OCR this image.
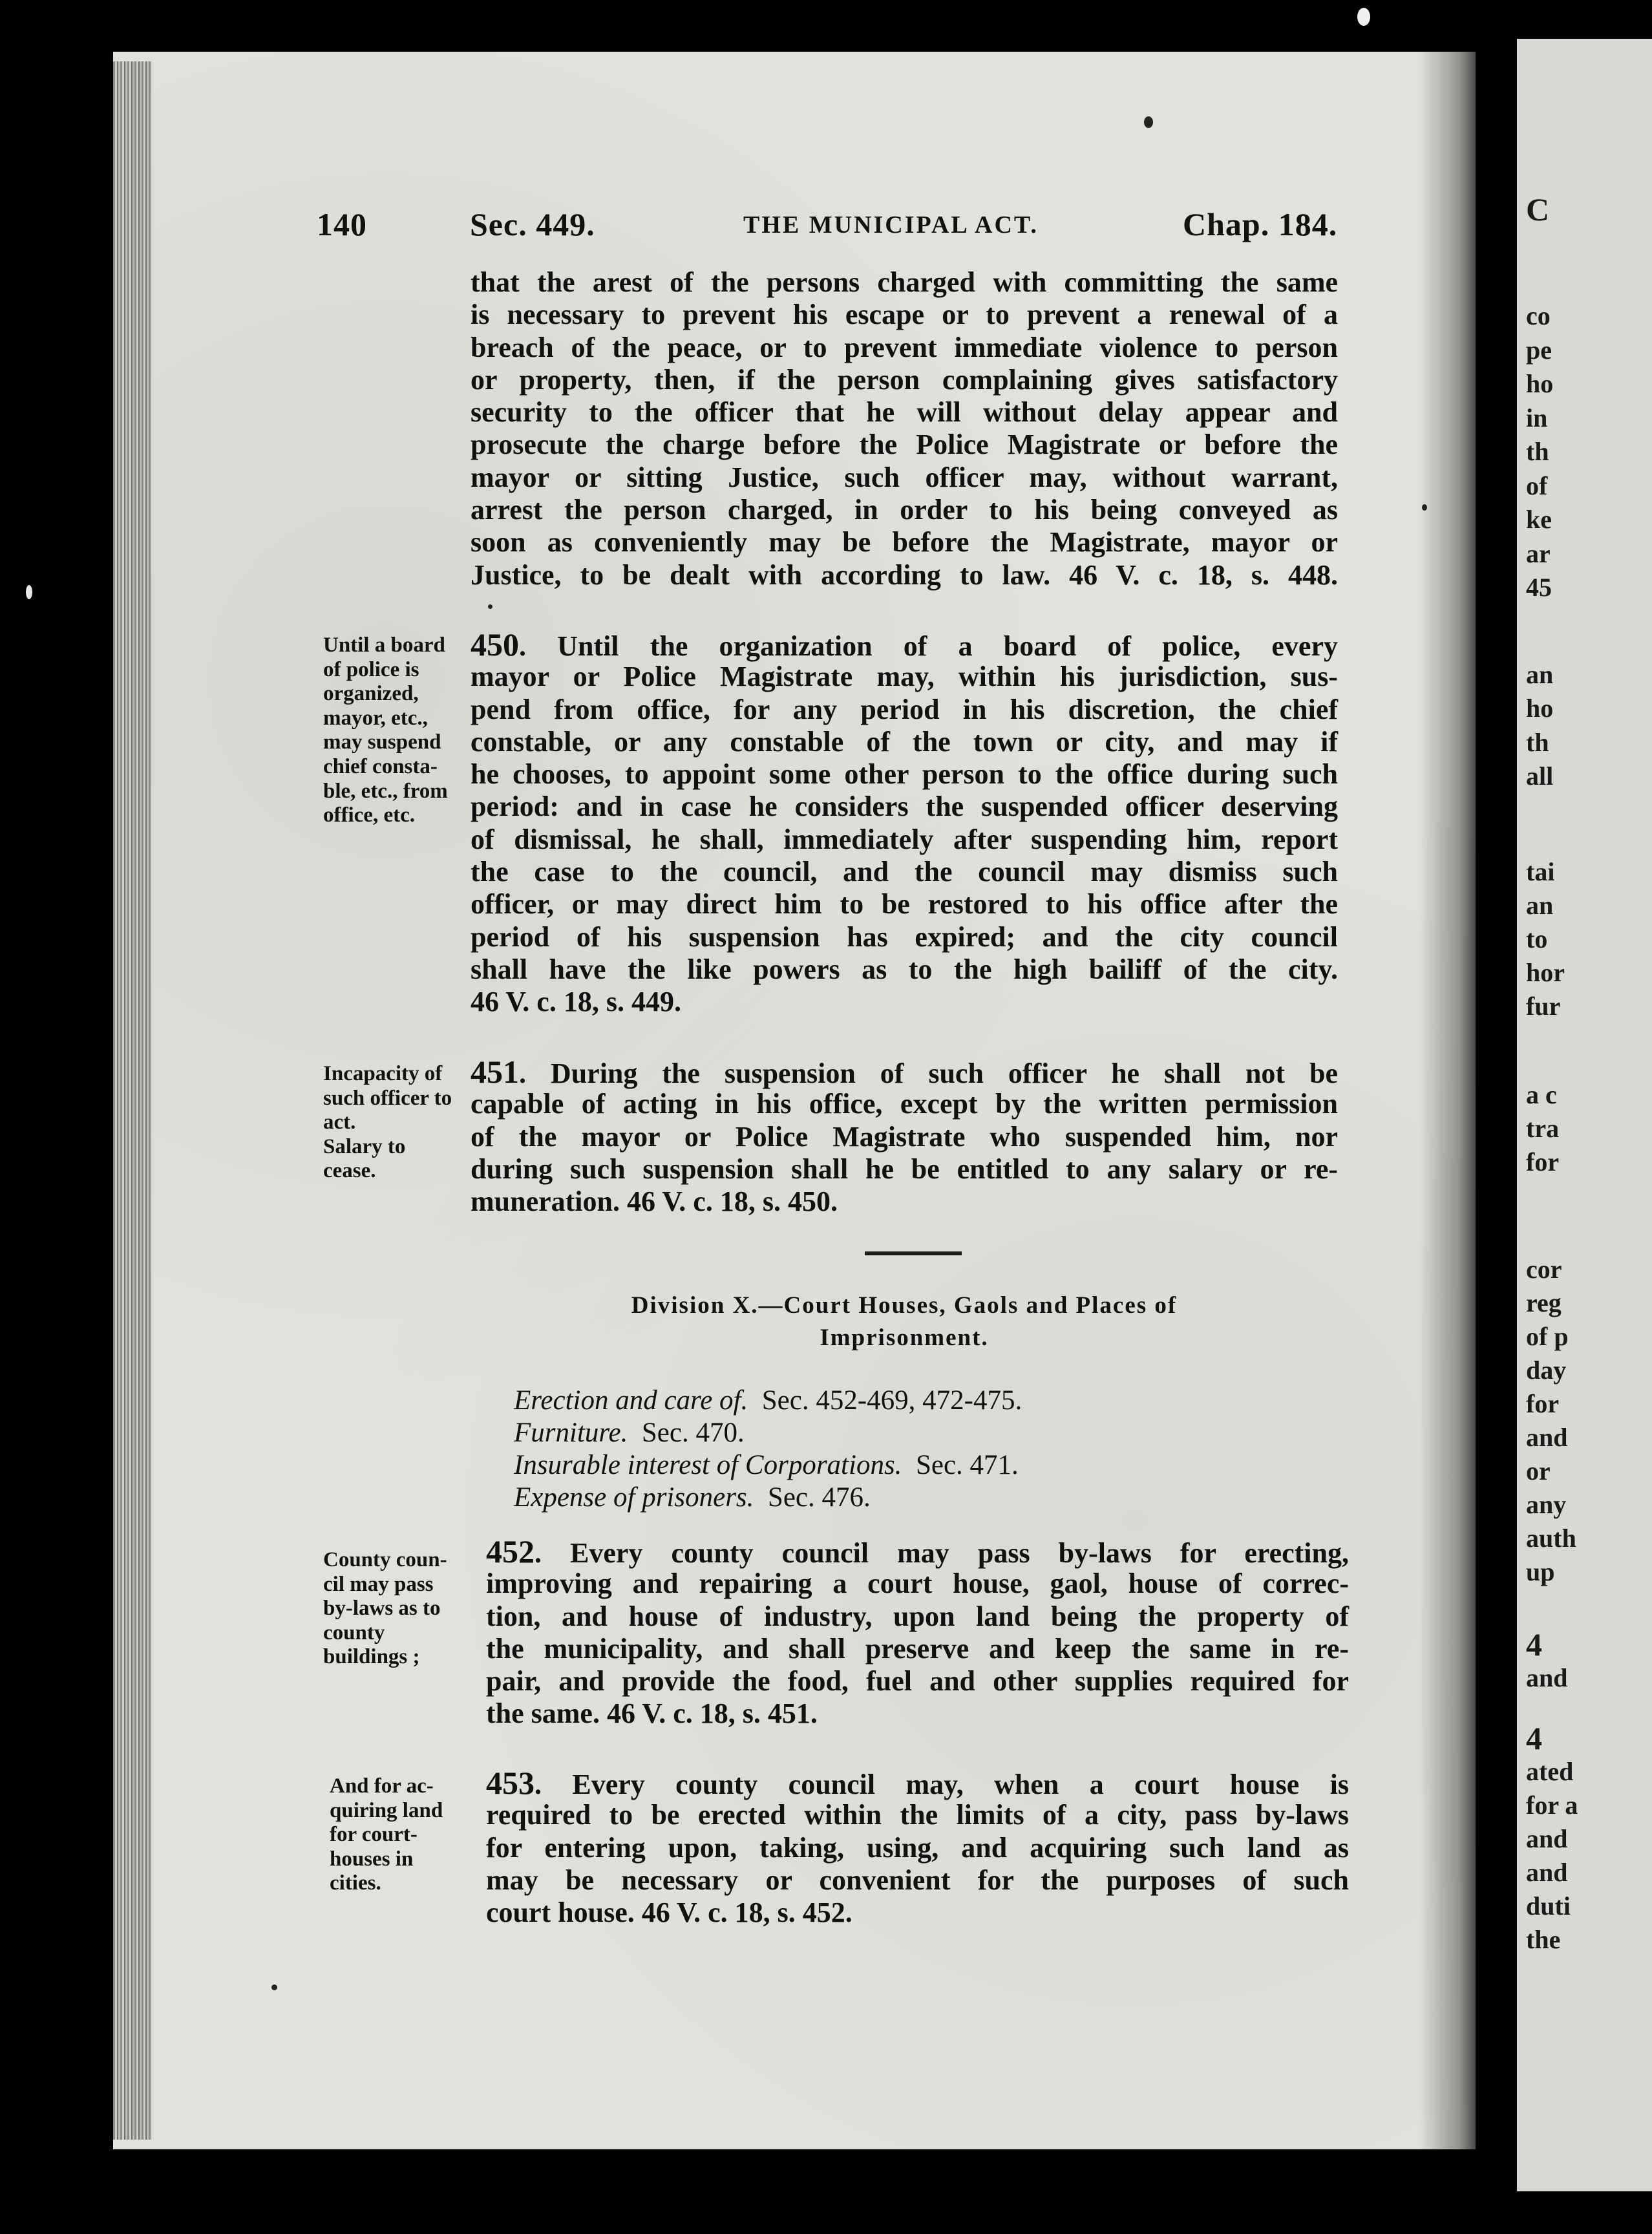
C
co
pe
ho
in
th
of
ke
ar
45
an
ho
th
all
tai
an
to
hor
fur
a c
tra
for
cor
reg
of p
day
for
and
or
any
auth
up
4
and
4
ated
for a
and
and
duti
the
140	Sec. 449.	THE MUNICIPAL ACT.	Chap. 184.
that the arest of the persons charged with committing the same
is necessary to prevent his escape or to prevent a renewal of a
breach of the peace, or to prevent immediate violence to person
or property, then, if the person complaining gives satisfactory
security to the officer that he will without delay appear and
prosecute the charge before the Police Magistrate or before the
mayor or sitting Justice, such officer may, without warrant,
arrest the person charged, in order to his being conveyed as
soon as conveniently may be before the Magistrate, mayor or
Justice, to be dealt with according to law. 46 V. c. 18, s. 448.
Until a board
of police is
organized,
mayor, etc.,
may suspend
chief consta-
ble, etc., from
office, etc.
450. Until the organization of a board of police, every
mayor or Police Magistrate may, within his jurisdiction, sus-
pend from office, for any period in his discretion, the chief
constable, or any constable of the town or city, and may if
he chooses, to appoint some other person to the office during such
period: and in case he considers the suspended officer deserving
of dismissal, he shall, immediately after suspending him, report
the case to the council, and the council may dismiss such
officer, or may direct him to be restored to his office after the
period of his suspension has expired; and the city council
shall have the like powers as to the high bailiff of the city.
46 V. c. 18, s. 449.
Incapacity of
such officer to
act.
Salary to
cease.
451. During the suspension of such officer he shall not be
capable of acting in his office, except by the written permission
of the mayor or Police Magistrate who suspended him, nor
during such suspension shall he be entitled to any salary or re-
muneration. 46 V. c. 18, s. 450.
Division X.—Court Houses, Gaols and Places of
Imprisonment.
Erection and care of. Sec. 452-469, 472-475.
Furniture. Sec. 470.
Insurable interest of Corporations. Sec. 471.
Expense of prisoners. Sec. 476.
County coun-
cil may pass
by-laws as to
county
buildings ;
452. Every county council may pass by-laws for erecting,
improving and repairing a court house, gaol, house of correc-
tion, and house of industry, upon land being the property of
the municipality, and shall preserve and keep the same in re-
pair, and provide the food, fuel and other supplies required for
the same. 46 V. c. 18, s. 451.
And for ac-
quiring land
for court-
houses in
cities.
453. Every county council may, when a court house is
required to be erected within the limits of a city, pass by-laws
for entering upon, taking, using, and acquiring such land as
may be necessary or convenient for the purposes of such
court house. 46 V. c. 18, s. 452.
